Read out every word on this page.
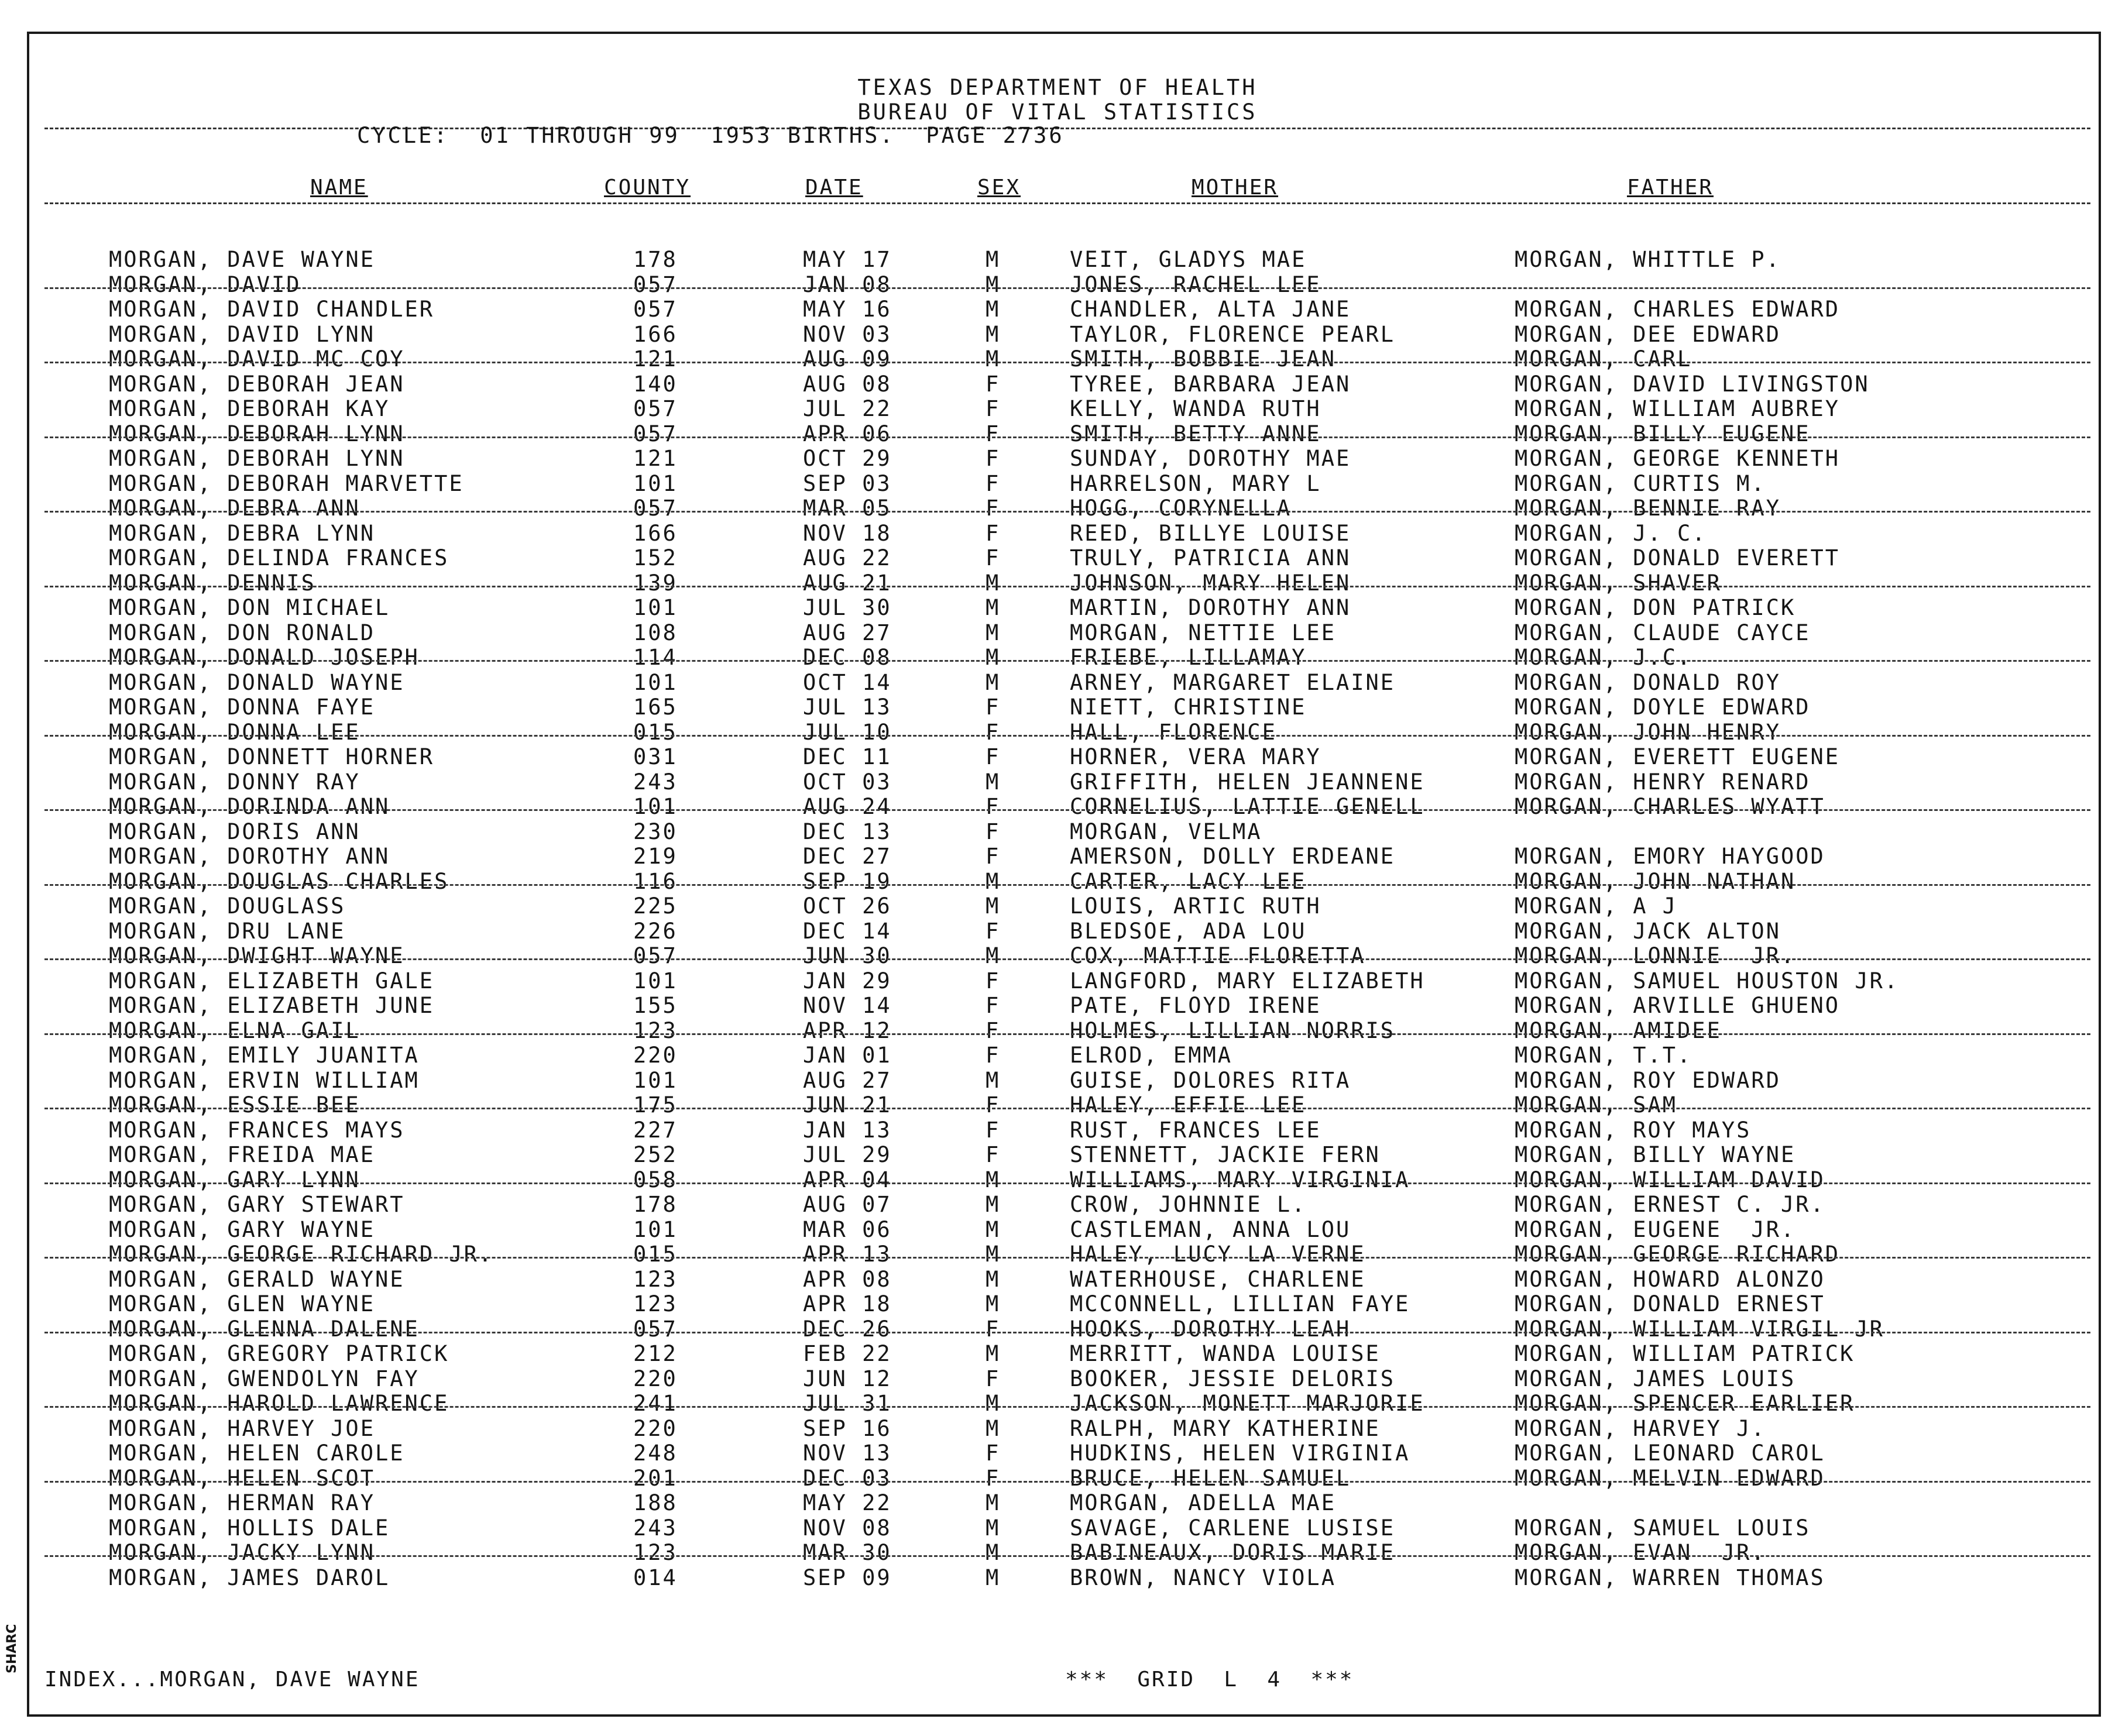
TEXAS DEPARTMENT OF HEALTH
BUREAU OF VITAL STATISTICS
CYCLE:  01 THROUGH 99  1953 BIRTHS.  PAGE 2736
NAME	COUNTY	DATE	SEX	MOTHER	FATHER
MORGAN, DAVE WAYNE	178	MAY 17	M	VEIT, GLADYS MAE	MORGAN, WHITTLE P.
MORGAN, DAVID	057	JAN 08	M	JONES, RACHEL LEE
MORGAN, DAVID CHANDLER	057	MAY 16	M	CHANDLER, ALTA JANE	MORGAN, CHARLES EDWARD
MORGAN, DAVID LYNN	166	NOV 03	M	TAYLOR, FLORENCE PEARL	MORGAN, DEE EDWARD
MORGAN, DAVID MC COY	121	AUG 09	M	SMITH, BOBBIE JEAN	MORGAN, CARL
MORGAN, DEBORAH JEAN	140	AUG 08	F	TYREE, BARBARA JEAN	MORGAN, DAVID LIVINGSTON
MORGAN, DEBORAH KAY	057	JUL 22	F	KELLY, WANDA RUTH	MORGAN, WILLIAM AUBREY
MORGAN, DEBORAH LYNN	057	APR 06	F	SMITH, BETTY ANNE	MORGAN, BILLY EUGENE
MORGAN, DEBORAH LYNN	121	OCT 29	F	SUNDAY, DOROTHY MAE	MORGAN, GEORGE KENNETH
MORGAN, DEBORAH MARVETTE	101	SEP 03	F	HARRELSON, MARY L	MORGAN, CURTIS M.
MORGAN, DEBRA ANN	057	MAR 05	F	HOGG, CORYNELLA	MORGAN, BENNIE RAY
MORGAN, DEBRA LYNN	166	NOV 18	F	REED, BILLYE LOUISE	MORGAN, J. C.
MORGAN, DELINDA FRANCES	152	AUG 22	F	TRULY, PATRICIA ANN	MORGAN, DONALD EVERETT
MORGAN, DENNIS	139	AUG 21	M	JOHNSON, MARY HELEN	MORGAN, SHAVER
MORGAN, DON MICHAEL	101	JUL 30	M	MARTIN, DOROTHY ANN	MORGAN, DON PATRICK
MORGAN, DON RONALD	108	AUG 27	M	MORGAN, NETTIE LEE	MORGAN, CLAUDE CAYCE
MORGAN, DONALD JOSEPH	114	DEC 08	M	FRIEBE, LILLAMAY	MORGAN, J.C.
MORGAN, DONALD WAYNE	101	OCT 14	M	ARNEY, MARGARET ELAINE	MORGAN, DONALD ROY
MORGAN, DONNA FAYE	165	JUL 13	F	NIETT, CHRISTINE	MORGAN, DOYLE EDWARD
MORGAN, DONNA LEE	015	JUL 10	F	HALL, FLORENCE	MORGAN, JOHN HENRY
MORGAN, DONNETT HORNER	031	DEC 11	F	HORNER, VERA MARY	MORGAN, EVERETT EUGENE
MORGAN, DONNY RAY	243	OCT 03	M	GRIFFITH, HELEN JEANNENE	MORGAN, HENRY RENARD
MORGAN, DORINDA ANN	101	AUG 24	F	CORNELIUS, LATTIE GENELL	MORGAN, CHARLES WYATT
MORGAN, DORIS ANN	230	DEC 13	F	MORGAN, VELMA
MORGAN, DOROTHY ANN	219	DEC 27	F	AMERSON, DOLLY ERDEANE	MORGAN, EMORY HAYGOOD
MORGAN, DOUGLAS CHARLES	116	SEP 19	M	CARTER, LACY LEE	MORGAN, JOHN NATHAN
MORGAN, DOUGLASS	225	OCT 26	M	LOUIS, ARTIC RUTH	MORGAN, A J
MORGAN, DRU LANE	226	DEC 14	F	BLEDSOE, ADA LOU	MORGAN, JACK ALTON
MORGAN, DWIGHT WAYNE	057	JUN 30	M	COX, MATTIE FLORETTA	MORGAN, LONNIE  JR.
MORGAN, ELIZABETH GALE	101	JAN 29	F	LANGFORD, MARY ELIZABETH	MORGAN, SAMUEL HOUSTON JR.
MORGAN, ELIZABETH JUNE	155	NOV 14	F	PATE, FLOYD IRENE	MORGAN, ARVILLE GHUENO
MORGAN, ELNA GAIL	123	APR 12	F	HOLMES, LILLIAN NORRIS	MORGAN, AMIDEE
MORGAN, EMILY JUANITA	220	JAN 01	F	ELROD, EMMA	MORGAN, T.T.
MORGAN, ERVIN WILLIAM	101	AUG 27	M	GUISE, DOLORES RITA	MORGAN, ROY EDWARD
MORGAN, ESSIE BEE	175	JUN 21	F	HALEY, EFFIE LEE	MORGAN, SAM
MORGAN, FRANCES MAYS	227	JAN 13	F	RUST, FRANCES LEE	MORGAN, ROY MAYS
MORGAN, FREIDA MAE	252	JUL 29	F	STENNETT, JACKIE FERN	MORGAN, BILLY WAYNE
MORGAN, GARY LYNN	058	APR 04	M	WILLIAMS, MARY VIRGINIA	MORGAN, WILLIAM DAVID
MORGAN, GARY STEWART	178	AUG 07	M	CROW, JOHNNIE L.	MORGAN, ERNEST C. JR.
MORGAN, GARY WAYNE	101	MAR 06	M	CASTLEMAN, ANNA LOU	MORGAN, EUGENE  JR.
MORGAN, GEORGE RICHARD JR.	015	APR 13	M	HALEY, LUCY LA VERNE	MORGAN, GEORGE RICHARD
MORGAN, GERALD WAYNE	123	APR 08	M	WATERHOUSE, CHARLENE	MORGAN, HOWARD ALONZO
MORGAN, GLEN WAYNE	123	APR 18	M	MCCONNELL, LILLIAN FAYE	MORGAN, DONALD ERNEST
MORGAN, GLENNA DALENE	057	DEC 26	F	HOOKS, DOROTHY LEAH	MORGAN, WILLIAM VIRGIL JR
MORGAN, GREGORY PATRICK	212	FEB 22	M	MERRITT, WANDA LOUISE	MORGAN, WILLIAM PATRICK
MORGAN, GWENDOLYN FAY	220	JUN 12	F	BOOKER, JESSIE DELORIS	MORGAN, JAMES LOUIS
MORGAN, HAROLD LAWRENCE	241	JUL 31	M	JACKSON, MONETT MARJORIE	MORGAN, SPENCER EARLIER
MORGAN, HARVEY JOE	220	SEP 16	M	RALPH, MARY KATHERINE	MORGAN, HARVEY J.
MORGAN, HELEN CAROLE	248	NOV 13	F	HUDKINS, HELEN VIRGINIA	MORGAN, LEONARD CAROL
MORGAN, HELEN SCOT	201	DEC 03	F	BRUCE, HELEN SAMUEL	MORGAN, MELVIN EDWARD
MORGAN, HERMAN RAY	188	MAY 22	M	MORGAN, ADELLA MAE
MORGAN, HOLLIS DALE	243	NOV 08	M	SAVAGE, CARLENE LUSISE	MORGAN, SAMUEL LOUIS
MORGAN, JACKY LYNN	123	MAR 30	M	BABINEAUX, DORIS MARIE	MORGAN, EVAN  JR.
MORGAN, JAMES DAROL	014	SEP 09	M	BROWN, NANCY VIOLA	MORGAN, WARREN THOMAS
INDEX...MORGAN, DAVE WAYNE	***  GRID  L  4  ***
SHARC
